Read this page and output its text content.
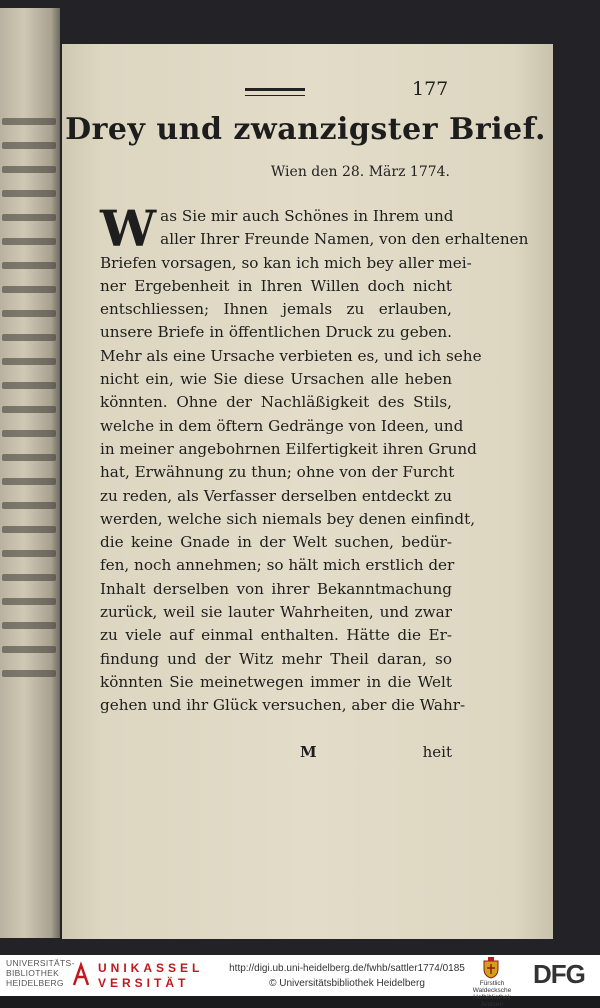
177
Drey und zwanzigster Brief.
Wien den 28. März 1774.
W as Sie mir auch Schönes in Ihrem und
aller Ihrer Freunde Namen, von den erhaltenen
Briefen vorsagen, so kan ich mich bey aller mei-
ner Ergebenheit in Ihren Willen doch nicht
entschliessen; Ihnen jemals zu erlauben,
unsere Briefe in öffentlichen Druck zu geben.
Mehr als eine Ursache verbieten es, und ich sehe
nicht ein, wie Sie diese Ursachen alle heben
könnten. Ohne der Nachläßigkeit des Stils,
welche in dem öftern Gedränge von Ideen, und
in meiner angebohrnen Eilfertigkeit ihren Grund
hat, Erwähnung zu thun; ohne von der Furcht
zu reden, als Verfasser derselben entdeckt zu
werden, welche sich niemals bey denen einfindt,
die keine Gnade in der Welt suchen, bedür-
fen, noch annehmen; so hält mich erstlich der
Inhalt derselben von ihrer Bekanntmachung
zurück, weil sie lauter Wahrheiten, und zwar
zu viele auf einmal enthalten. Hätte die Er-
findung und der Witz mehr Theil daran, so
könnten Sie meinetwegen immer in die Welt
gehen und ihr Glück versuchen, aber die Wahr-
M	heit
UNIVERSITÄTS-
BIBLIOTHEK
HEIDELBERG
UNIKASSEL
VERSITÄT
http://digi.ub.uni-heidelberg.de/fwhb/sattler1774/0185
© Universitätsbibliothek Heidelberg	Fürstlich Waldecksche
Hofbibliothek Arolsen
DFG
